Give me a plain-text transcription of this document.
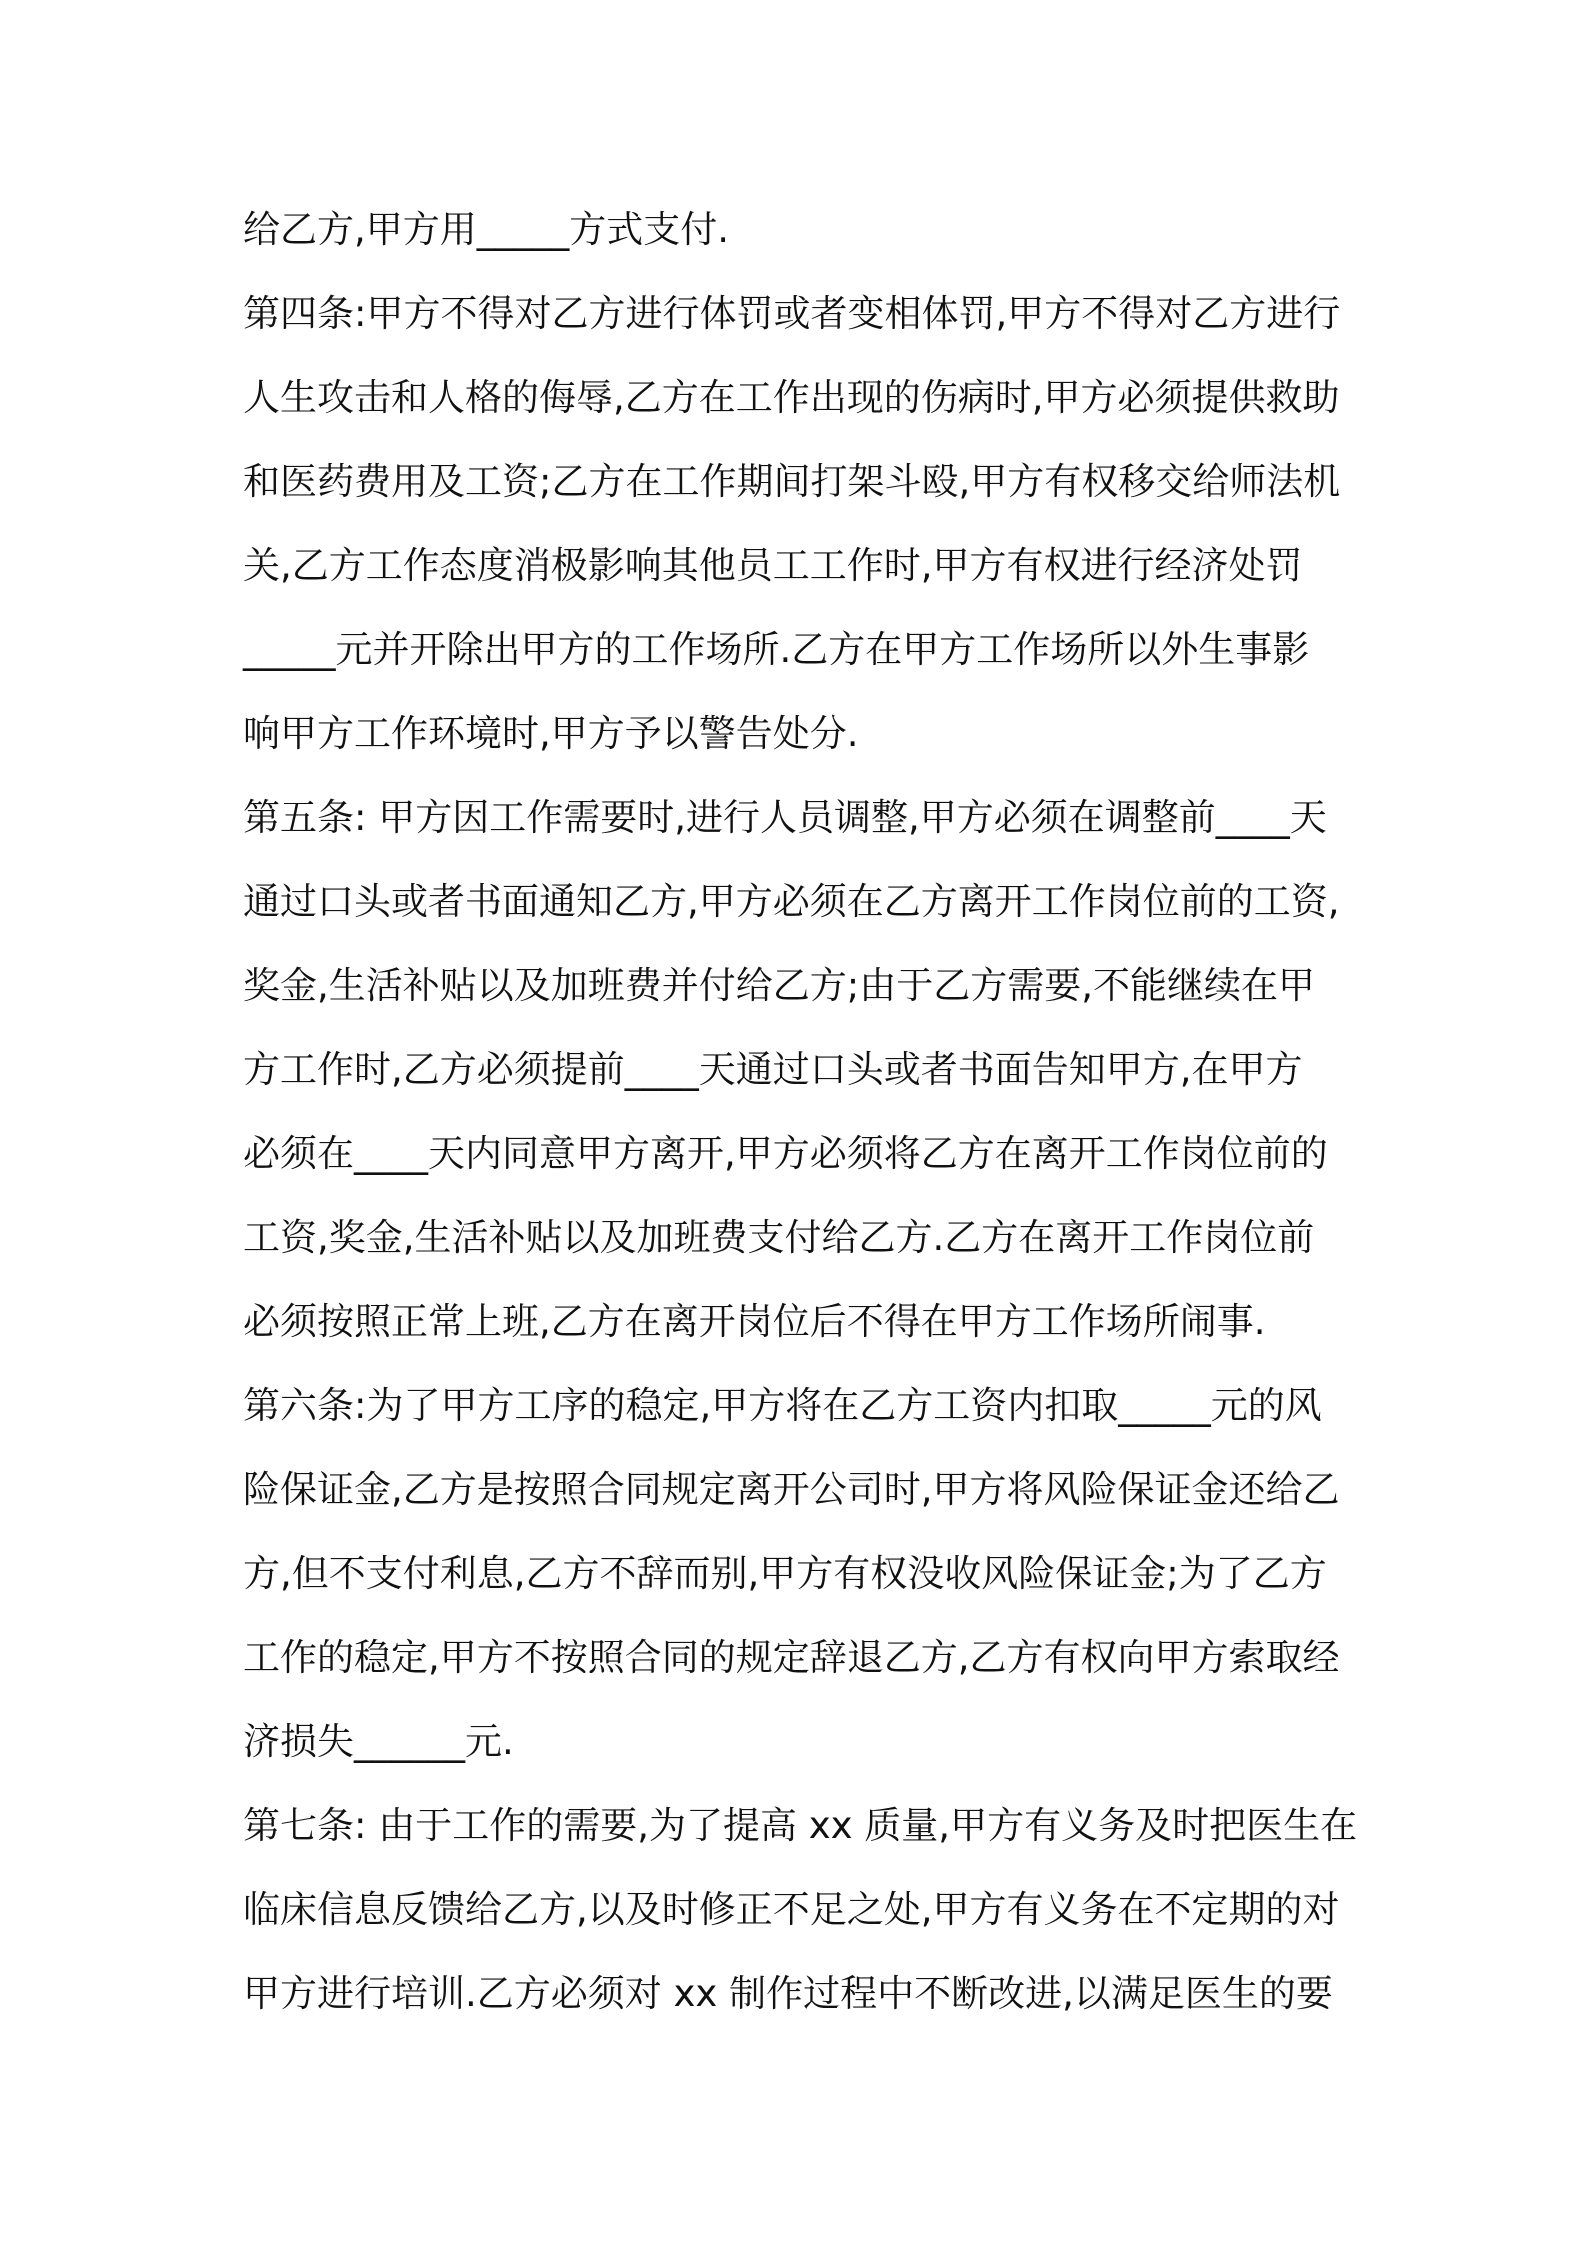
给乙方,甲方用_____方式支付.
第四条:甲方不得对乙方进行体罚或者变相体罚,甲方不得对乙方进行
人生攻击和人格的侮辱,乙方在工作出现的伤病时,甲方必须提供救助
和医药费用及工资;乙方在工作期间打架斗殴,甲方有权移交给师法机
关,乙方工作态度消极影响其他员工工作时,甲方有权进行经济处罚
_____元并开除出甲方的工作场所.乙方在甲方工作场所以外生事影
响甲方工作环境时,甲方予以警告处分.
第五条: 甲方因工作需要时,进行人员调整,甲方必须在调整前____天
通过口头或者书面通知乙方,甲方必须在乙方离开工作岗位前的工资,
奖金,生活补贴以及加班费并付给乙方;由于乙方需要,不能继续在甲
方工作时,乙方必须提前____天通过口头或者书面告知甲方,在甲方
必须在____天内同意甲方离开,甲方必须将乙方在离开工作岗位前的
工资,奖金,生活补贴以及加班费支付给乙方.乙方在离开工作岗位前
必须按照正常上班,乙方在离开岗位后不得在甲方工作场所闹事.
第六条:为了甲方工序的稳定,甲方将在乙方工资内扣取_____元的风
险保证金,乙方是按照合同规定离开公司时,甲方将风险保证金还给乙
方,但不支付利息,乙方不辞而别,甲方有权没收风险保证金;为了乙方
工作的稳定,甲方不按照合同的规定辞退乙方,乙方有权向甲方索取经
济损失______元.
第七条: 由于工作的需要,为了提高 xx 质量,甲方有义务及时把医生在
临床信息反馈给乙方,以及时修正不足之处,甲方有义务在不定期的对
甲方进行培训.乙方必须对 xx 制作过程中不断改进,以满足医生的要
